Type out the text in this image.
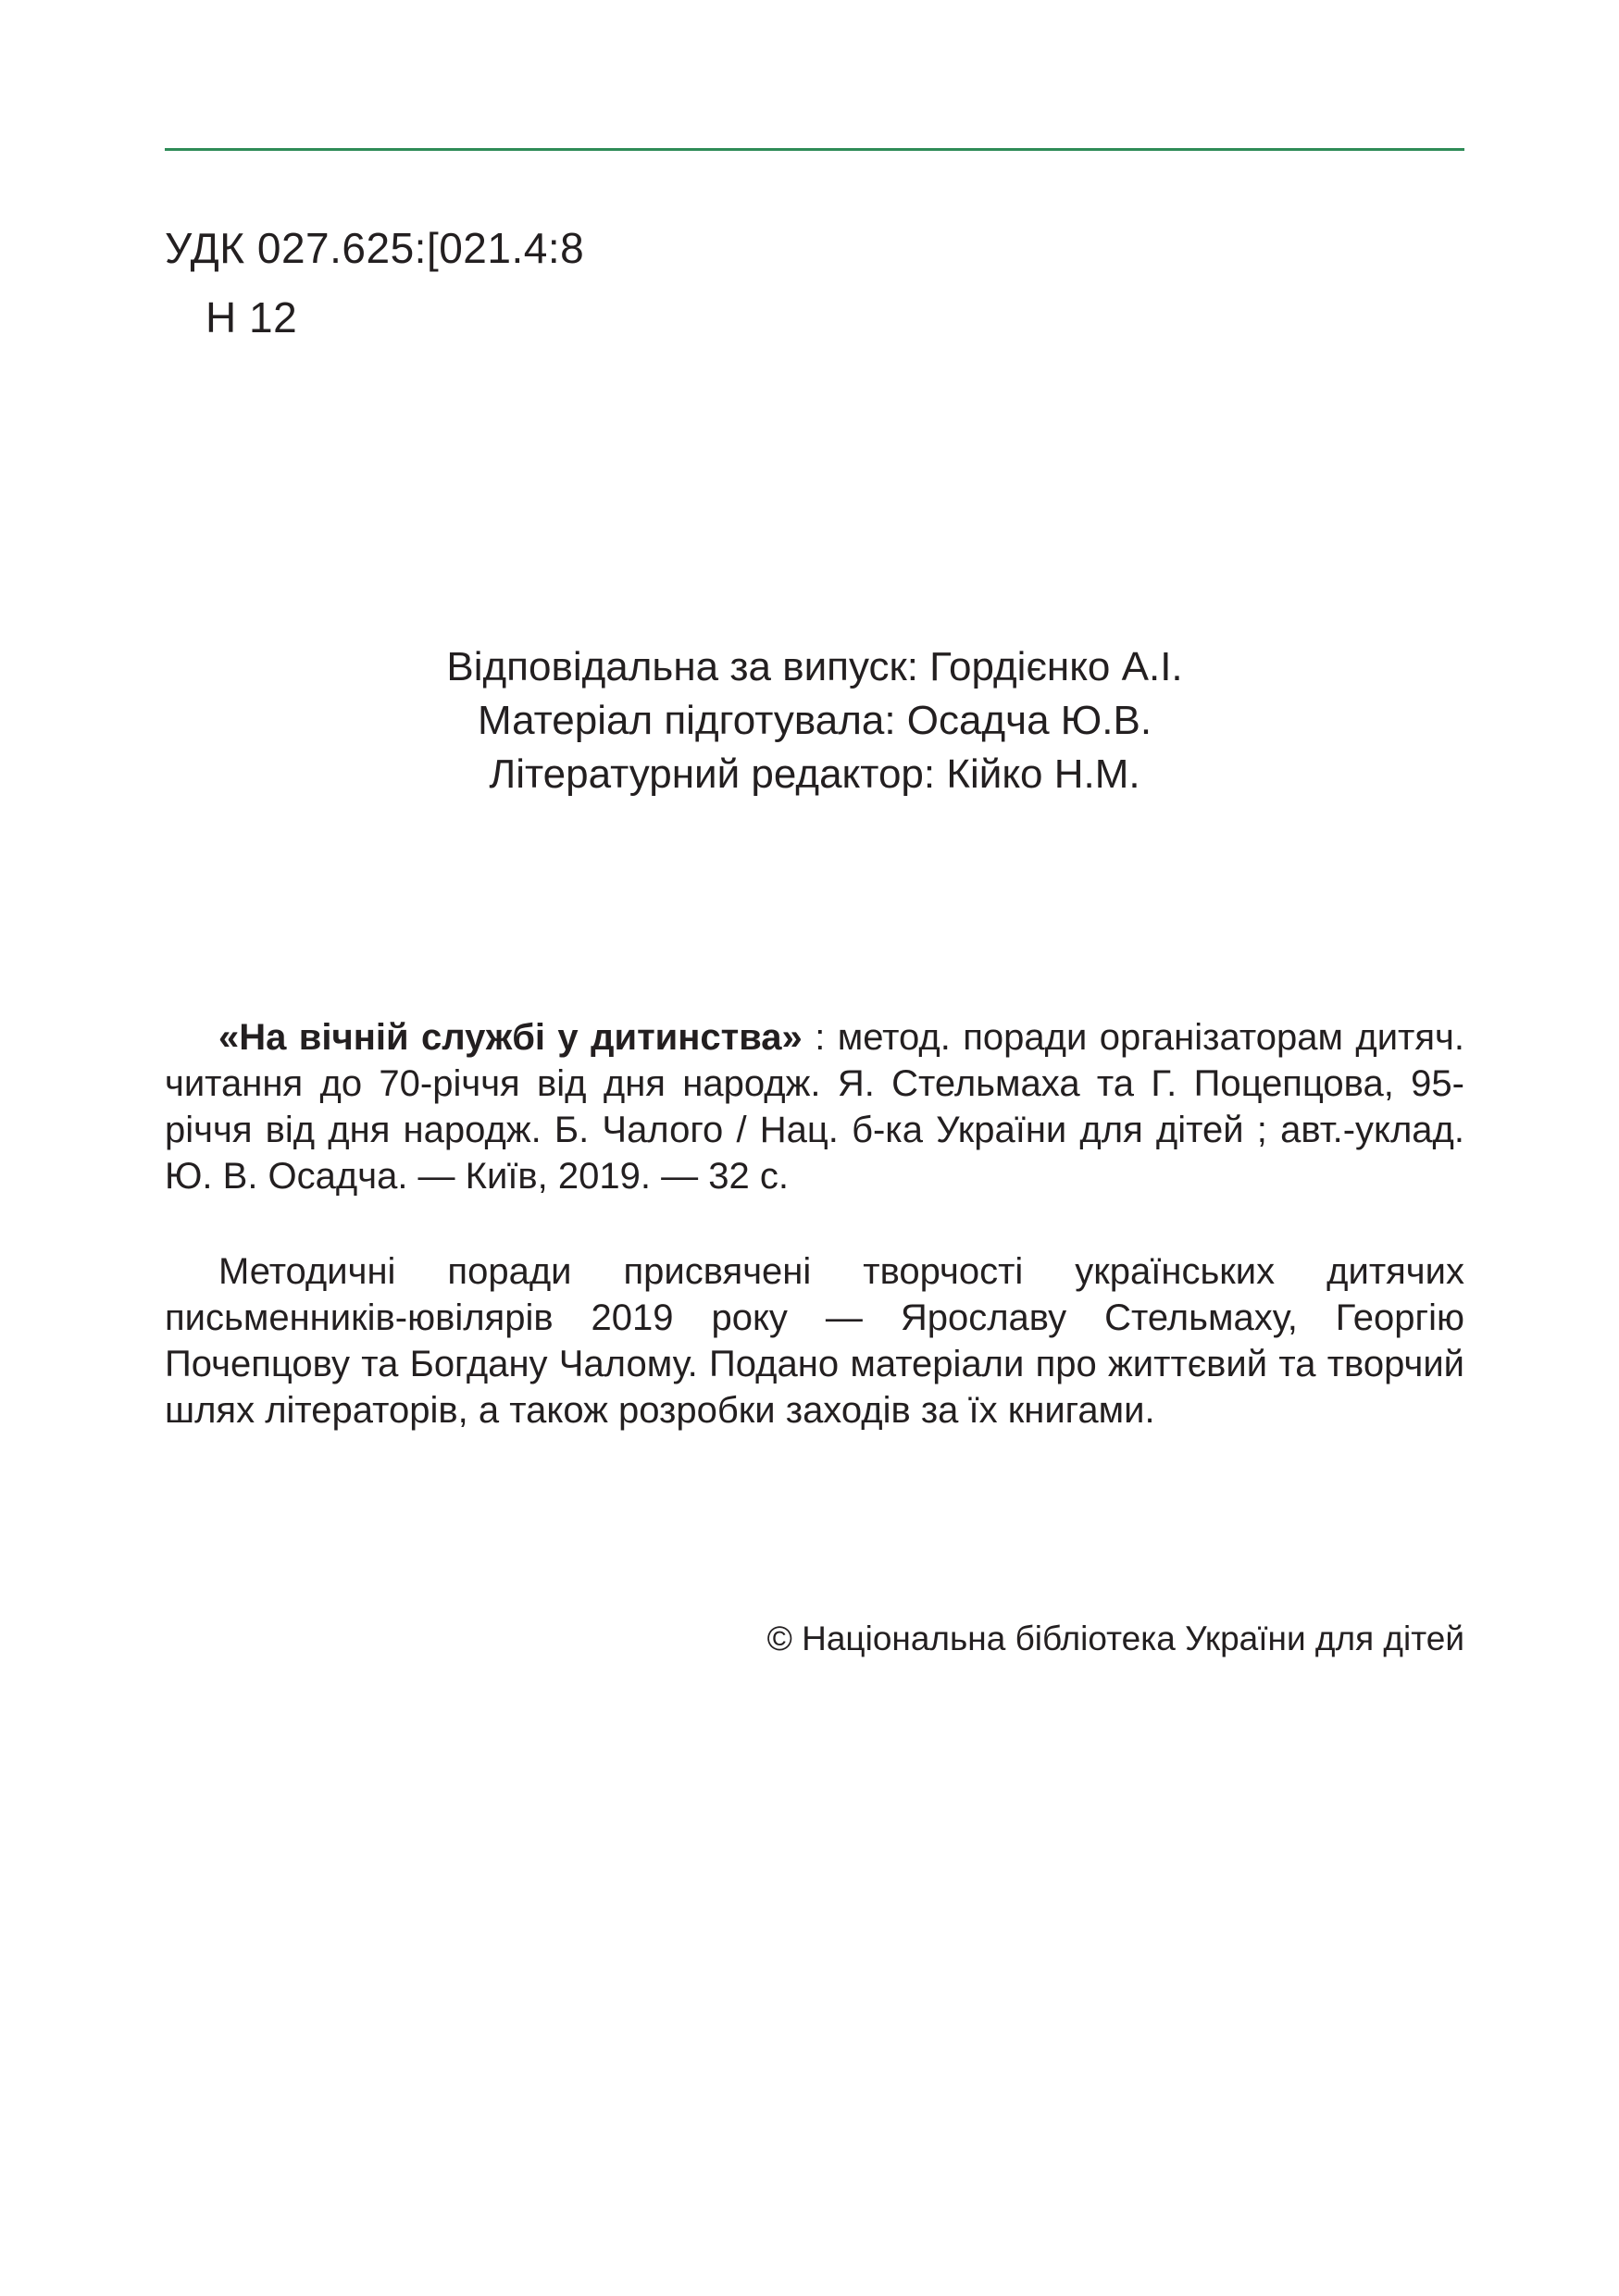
УДК 027.625:[021.4:8
Н 12
Відповідальна за випуск: Гордієнко А.І.
Матеріал підготувала: Осадча Ю.В.
Літературний редактор: Кійко Н.М.
«На вічній службі у дитинства» : метод. поради організаторам дитяч. читання до 70-річчя від дня народж. Я. Стельмаха та Г. Поцепцова, 95-річчя від дня народж. Б. Чалого / Нац. б-ка України для дітей ; авт.-уклад. Ю. В. Осадча. — Київ, 2019. — 32 с.
Методичні поради присвячені творчості українських дитячих письменників-ювілярів 2019 року — Ярославу Стельмаху, Георгію Почепцову та Богдану Чалому. Подано матеріали про життєвий та творчий шлях літераторів, а також розробки заходів за їх книгами.
© Національна бібліотека України для дітей
